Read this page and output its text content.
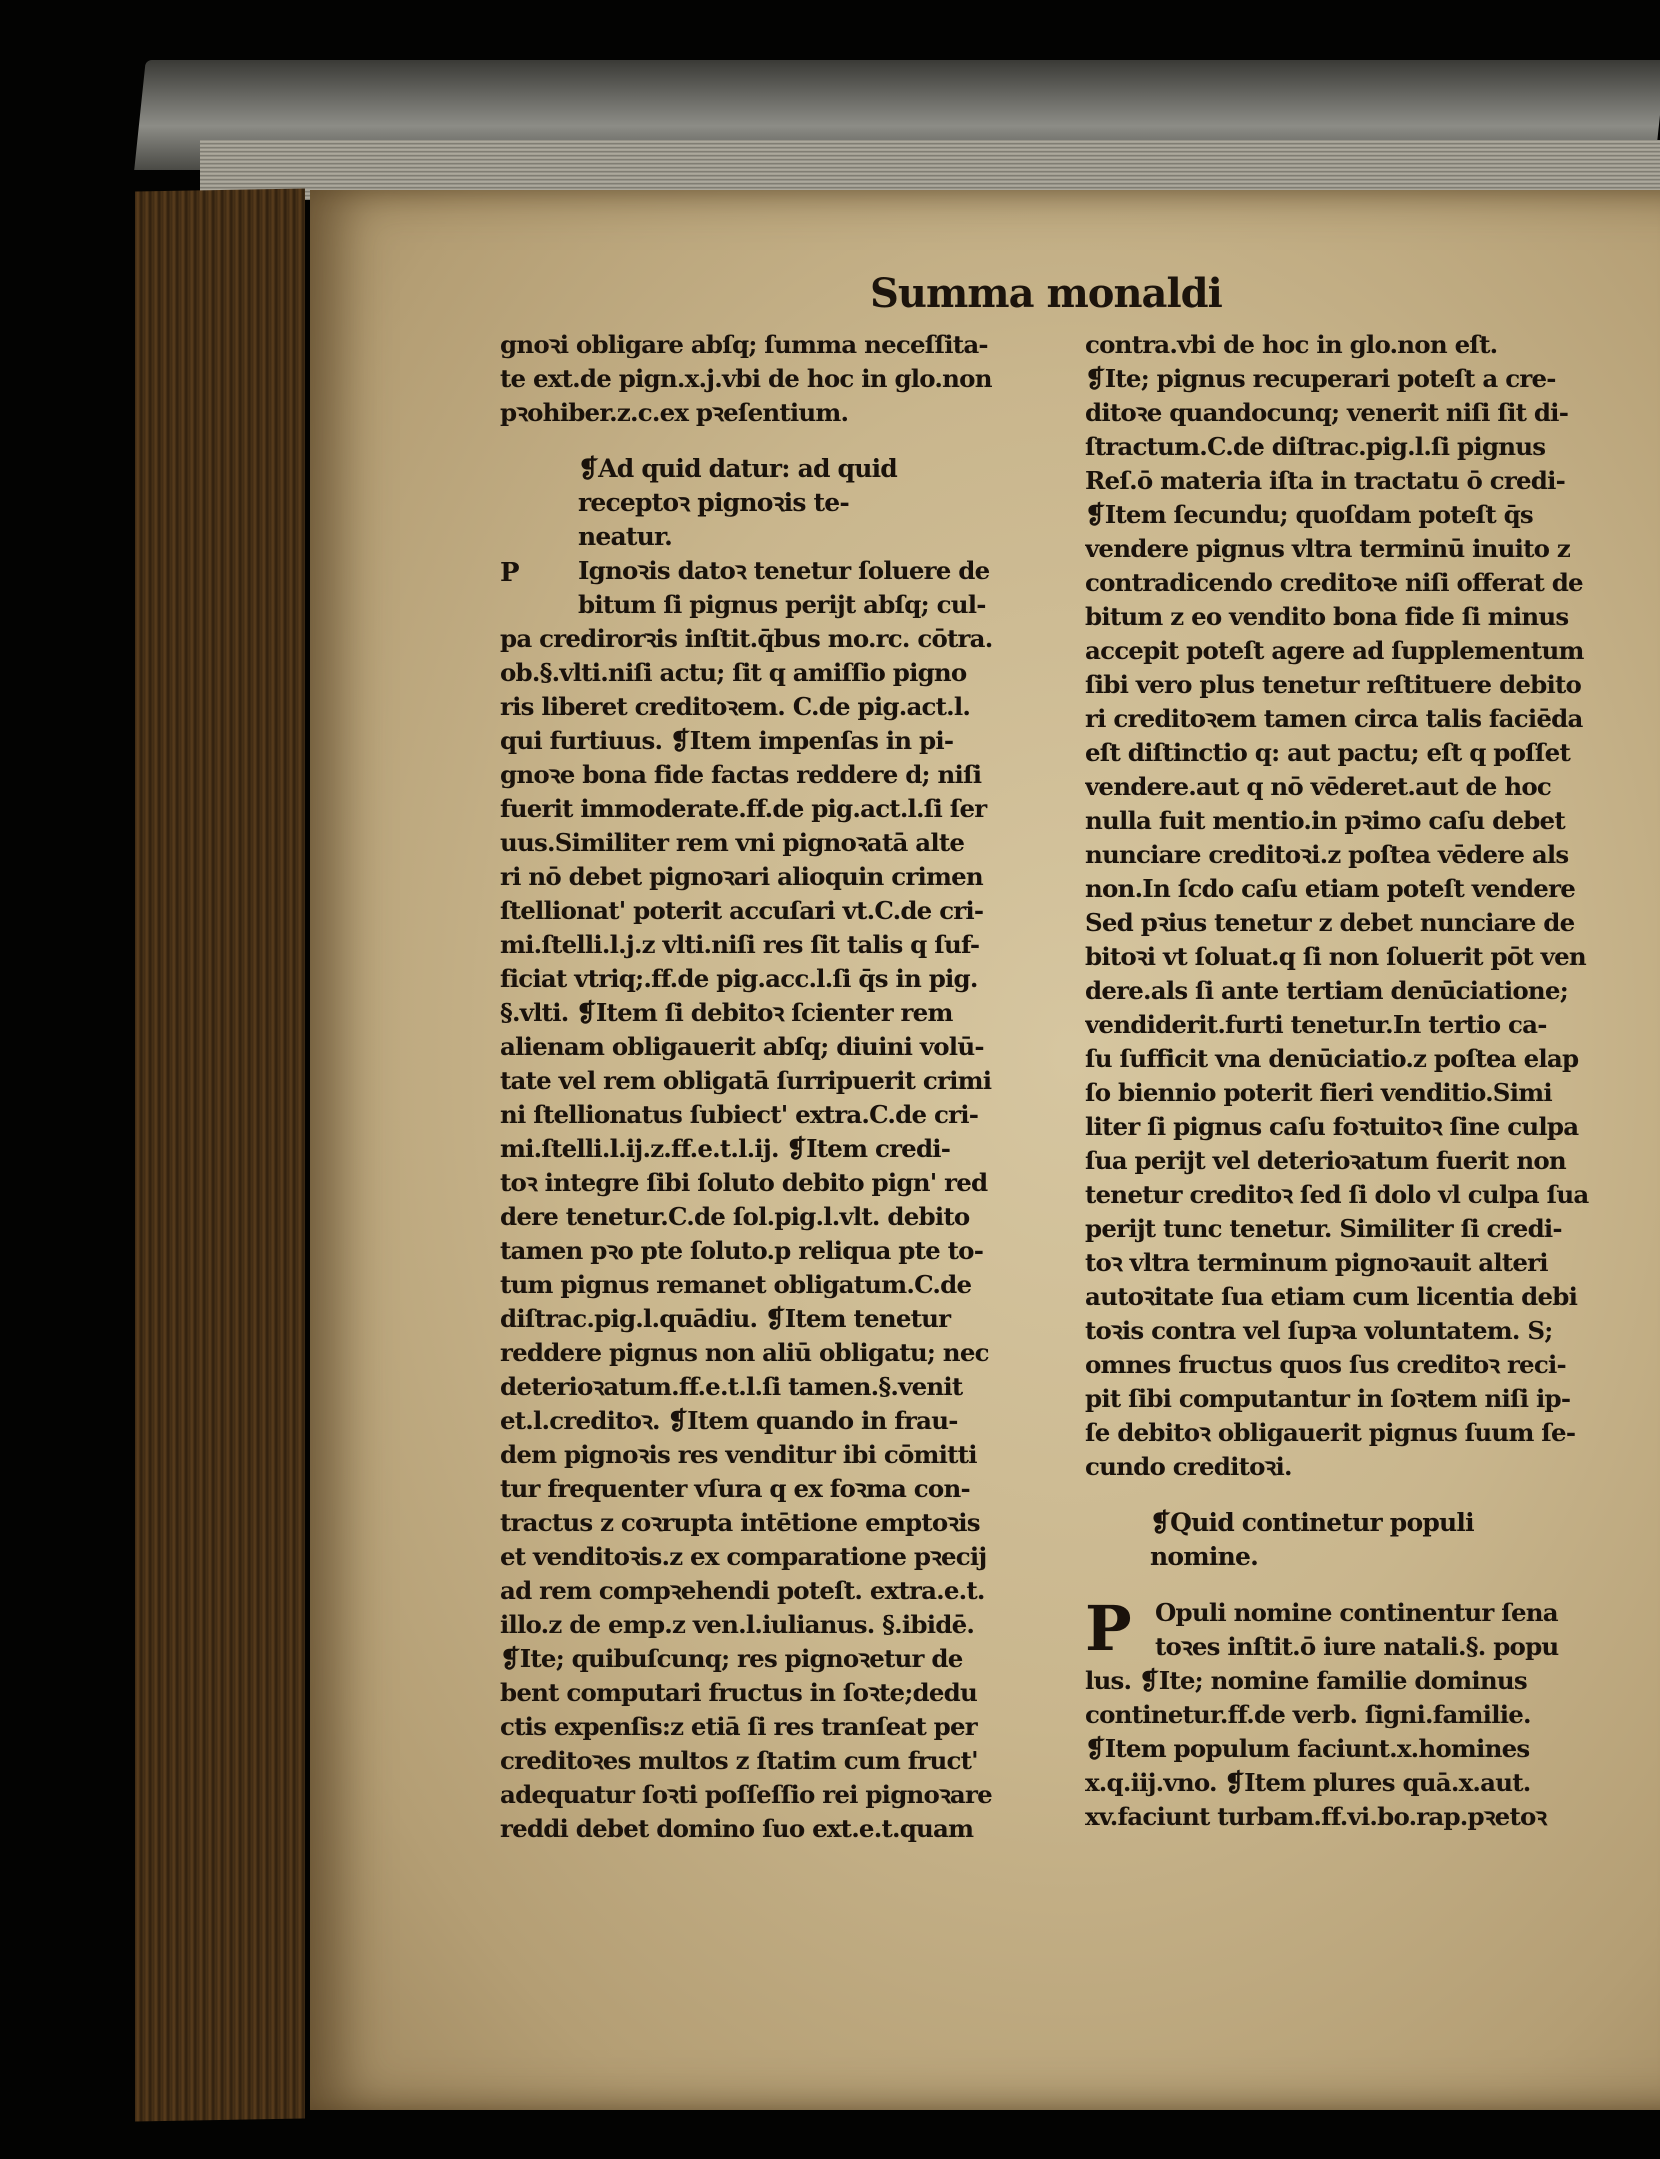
Summa monaldi
gnoꝛi obligare abſq; ſumma neceſſita-
te ext.de pign.x.j.vbi de hoc in glo.non
pꝛohiber.z.c.ex pꝛeſentium.
❡Ad quid datur: ad quid
receptoꝛ pignoꝛis te-
neatur.
P	Ignoꝛis datoꝛ tenetur ſoluere de
bitum ſi pignus perijt abſq; cul-
pa credirorꝛis inſtit.q̄bus mo.rc. cōtra.
ob.§.vlti.niſi actu; ſit q amiſſio pigno
ris liberet creditoꝛem. C.de pig.act.l.
qui furtiuus. ❡Item impenſas in pi-
gnoꝛe bona fide factas reddere d; niſi
fuerit immoderate.ff.de pig.act.l.ſi ſer
uus.Similiter rem vni pignoꝛatā alte
ri nō debet pignoꝛari alioquin crimen
ſtellionat' poterit accuſari vt.C.de cri-
mi.ſtelli.l.j.z vlti.niſi res ſit talis q ſuf-
ficiat vtriq;.ff.de pig.acc.l.ſi q̄s in pig.
§.vlti. ❡Item ſi debitoꝛ ſcienter rem
alienam obligauerit abſq; diuini volū-
tate vel rem obligatā ſurripuerit crimi
ni ſtellionatus ſubiect' extra.C.de cri-
mi.ſtelli.l.ij.z.ff.e.t.l.ij. ❡Item credi-
toꝛ integre ſibi ſoluto debito pign' red
dere tenetur.C.de ſol.pig.l.vlt. debito
tamen pꝛo pte ſoluto.p reliqua pte to-
tum pignus remanet obligatum.C.de
diſtrac.pig.l.quādiu. ❡Item tenetur
reddere pignus non aliū obligatu; nec
deterioꝛatum.ff.e.t.l.ſi tamen.§.venit
et.l.creditoꝛ. ❡Item quando in frau-
dem pignoꝛis res venditur ibi cōmitti
tur frequenter vſura q ex foꝛma con-
tractus z coꝛrupta intētione emptoꝛis
et venditoꝛis.z ex comparatione pꝛecij
ad rem compꝛehendi poteſt. extra.e.t.
illo.z de emp.z ven.l.iulianus. §.ibidē.
❡Ite; quibuſcunq; res pignoꝛetur de
bent computari fructus in ſoꝛte;dedu
ctis expenſis:z etiā ſi res tranſeat per
creditoꝛes multos z ſtatim cum fruct'
adequatur ſoꝛti poſſeſſio rei pignoꝛare
reddi debet domino ſuo ext.e.t.quam
contra.vbi de hoc in glo.non eſt.
❡Ite; pignus recuperari poteſt a cre-
ditoꝛe quandocunq; venerit niſi ſit di-
ſtractum.C.de diſtrac.pig.l.ſi pignus
Reſ.ō materia iſta in tractatu ō credi-
❡Item ſecundu; quoſdam poteſt q̄s
vendere pignus vltra terminū inuito z
contradicendo creditoꝛe niſi offerat de
bitum z eo vendito bona fide ſi minus
accepit poteſt agere ad ſupplementum
ſibi vero plus tenetur reſtituere debito
ri creditoꝛem tamen circa talis faciēda
eſt diſtinctio q: aut pactu; eſt q poſſet
vendere.aut q nō vēderet.aut de hoc
nulla fuit mentio.in pꝛimo caſu debet
nunciare creditoꝛi.z poſtea vēdere als
non.In ſcdo caſu etiam poteſt vendere
Sed pꝛius tenetur z debet nunciare de
bitoꝛi vt ſoluat.q ſi non ſoluerit pōt ven
dere.als ſi ante tertiam denūciatione;
vendiderit.furti tenetur.In tertio ca-
ſu ſufficit vna denūciatio.z poſtea elap
ſo biennio poterit fieri venditio.Simi
liter ſi pignus caſu foꝛtuitoꝛ ſine culpa
ſua perijt vel deterioꝛatum fuerit non
tenetur creditoꝛ ſed ſi dolo vl culpa ſua
perijt tunc tenetur. Similiter ſi credi-
toꝛ vltra terminum pignoꝛauit alteri
autoꝛitate ſua etiam cum licentia debi
toꝛis contra vel ſupꝛa voluntatem. S;
omnes fructus quos ſus creditoꝛ reci-
pit ſibi computantur in ſoꝛtem niſi ip-
ſe debitoꝛ obligauerit pignus ſuum ſe-
cundo creditoꝛi.
❡Quid continetur populi
nomine.
P Opuli nomine continentur ſena
toꝛes inſtit.ō iure natali.§. popu
lus. ❡Ite; nomine familie dominus
continetur.ff.de verb. ſigni.familie.
❡Item populum faciunt.x.homines
x.q.iij.vno. ❡Item plures quā.x.aut.
xv.faciunt turbam.ff.vi.bo.rap.pꝛetoꝛ
